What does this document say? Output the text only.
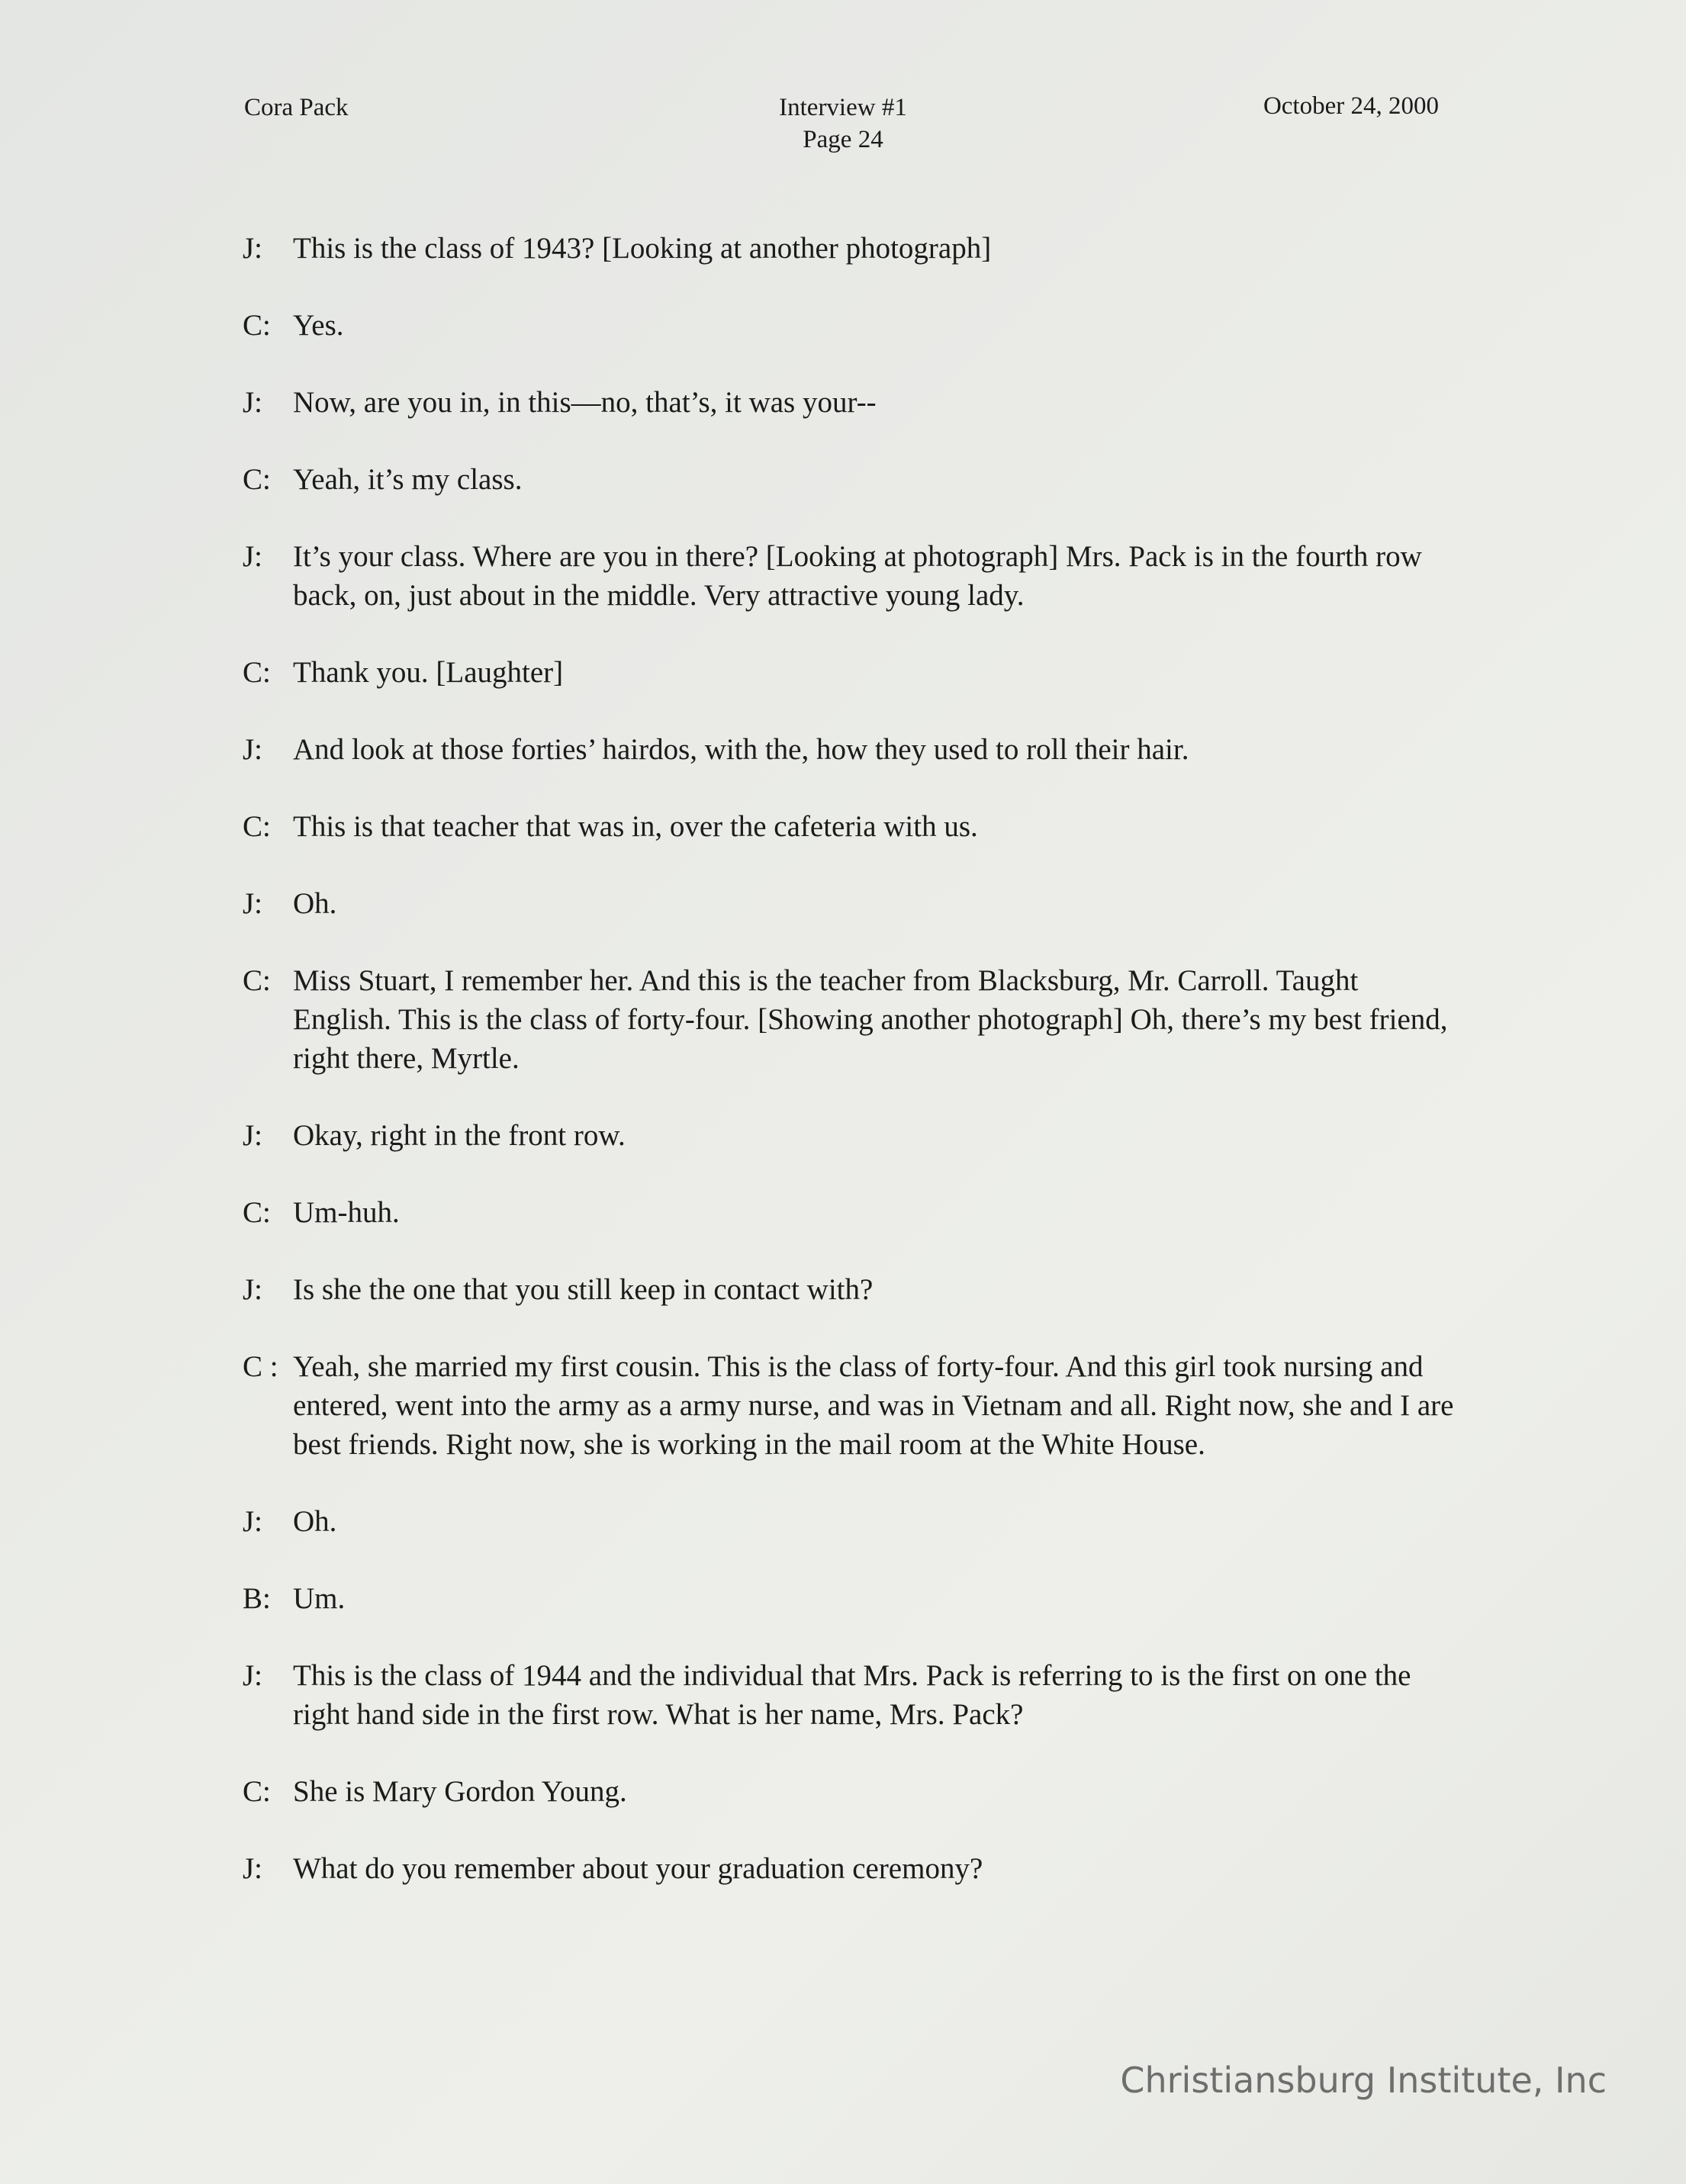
Cora Pack	Interview #1
Page 24
October 24, 2000

J: This is the class of 1943? [Looking at another photograph]

C: Yes.

J: Now, are you in, in this—no, that’s, it was your--

C: Yeah, it’s my class.

J: It’s your class. Where are you in there? [Looking at photograph] Mrs. Pack is in the fourth row back, on, just about in the middle. Very attractive young lady.

C: Thank you. [Laughter]

J: And look at those forties’ hairdos, with the, how they used to roll their hair.

C: This is that teacher that was in, over the cafeteria with us.

J: Oh.

C: Miss Stuart, I remember her. And this is the teacher from Blacksburg, Mr. Carroll. Taught English. This is the class of forty-four. [Showing another photograph] Oh, there’s my best friend, right there, Myrtle.

J: Okay, right in the front row.

C: Um-huh.

J: Is she the one that you still keep in contact with?

C : Yeah, she married my first cousin. This is the class of forty-four. And this girl took nursing and entered, went into the army as a army nurse, and was in Vietnam and all. Right now, she and I are best friends. Right now, she is working in the mail room at the White House.

J: Oh.

B: Um.

J: This is the class of 1944 and the individual that Mrs. Pack is referring to is the first on one the right hand side in the first row. What is her name, Mrs. Pack?

C: She is Mary Gordon Young.

J: What do you remember about your graduation ceremony?

Christiansburg Institute, Inc
